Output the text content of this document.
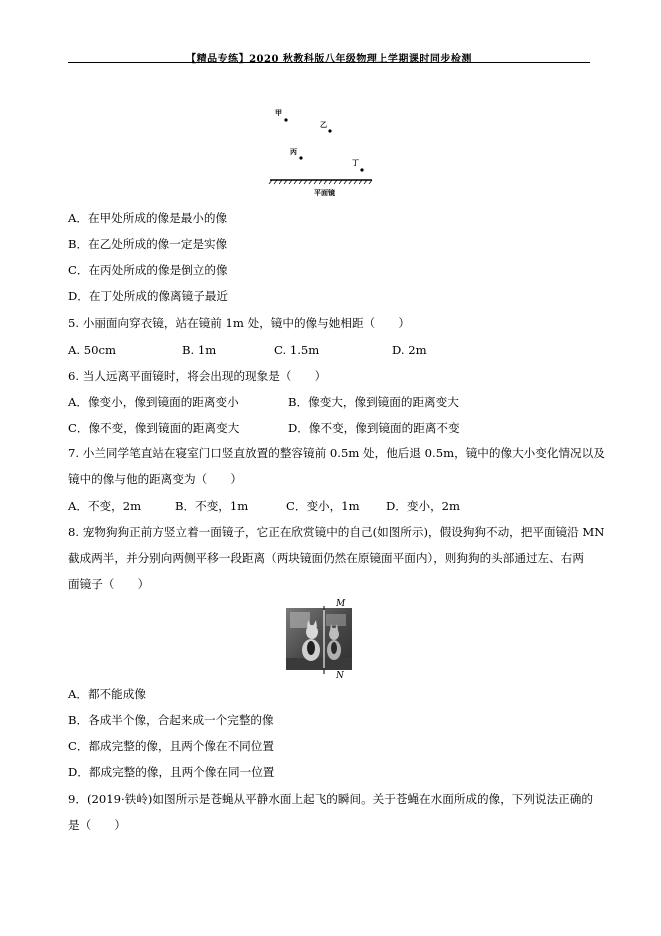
【精品专练】2020 秋教科版八年级物理上学期课时同步检测
甲
乙
丙
丁
平面镜
A．在甲处所成的像是最小的像
B．在乙处所成的像一定是实像
C．在丙处所成的像是倒立的像
D．在丁处所成的像离镜子最近
5. 小丽面向穿衣镜，站在镜前 1m 处，镜中的像与她相距（　　）
A. 50cm	B. 1m	C. 1.5m	D. 2m
6. 当人远离平面镜时，将会出现的现象是（　　）
A．像变小，像到镜面的距离变小	B．像变大，像到镜面的距离变大
C．像不变，像到镜面的距离变大	D．像不变，像到镜面的距离不变
7. 小兰同学笔直站在寝室门口竖直放置的整容镜前 0.5m 处，他后退 0.5m，镜中的像大小变化情况以及
镜中的像与他的距离变为（　　）
A．不变，2m	B．不变，1m	C．变小，1m D．变小，2m
8. 宠物狗狗正前方竖立着一面镜子，它正在欣赏镜中的自己(如图所示)，假设狗狗不动，把平面镜沿 MN
截成两半，并分别向两侧平移一段距离（两块镜面仍然在原镜面平面内），则狗狗的头部通过左、右两
面镜子（　　）
M
N
A．都不能成像
B．各成半个像，合起来成一个完整的像
C．都成完整的像，且两个像在不同位置
D．都成完整的像，且两个像在同一位置
9．(2019·铁岭)如图所示是苍蝇从平静水面上起飞的瞬间。关于苍蝇在水面所成的像，下列说法正确的
是（　　）
